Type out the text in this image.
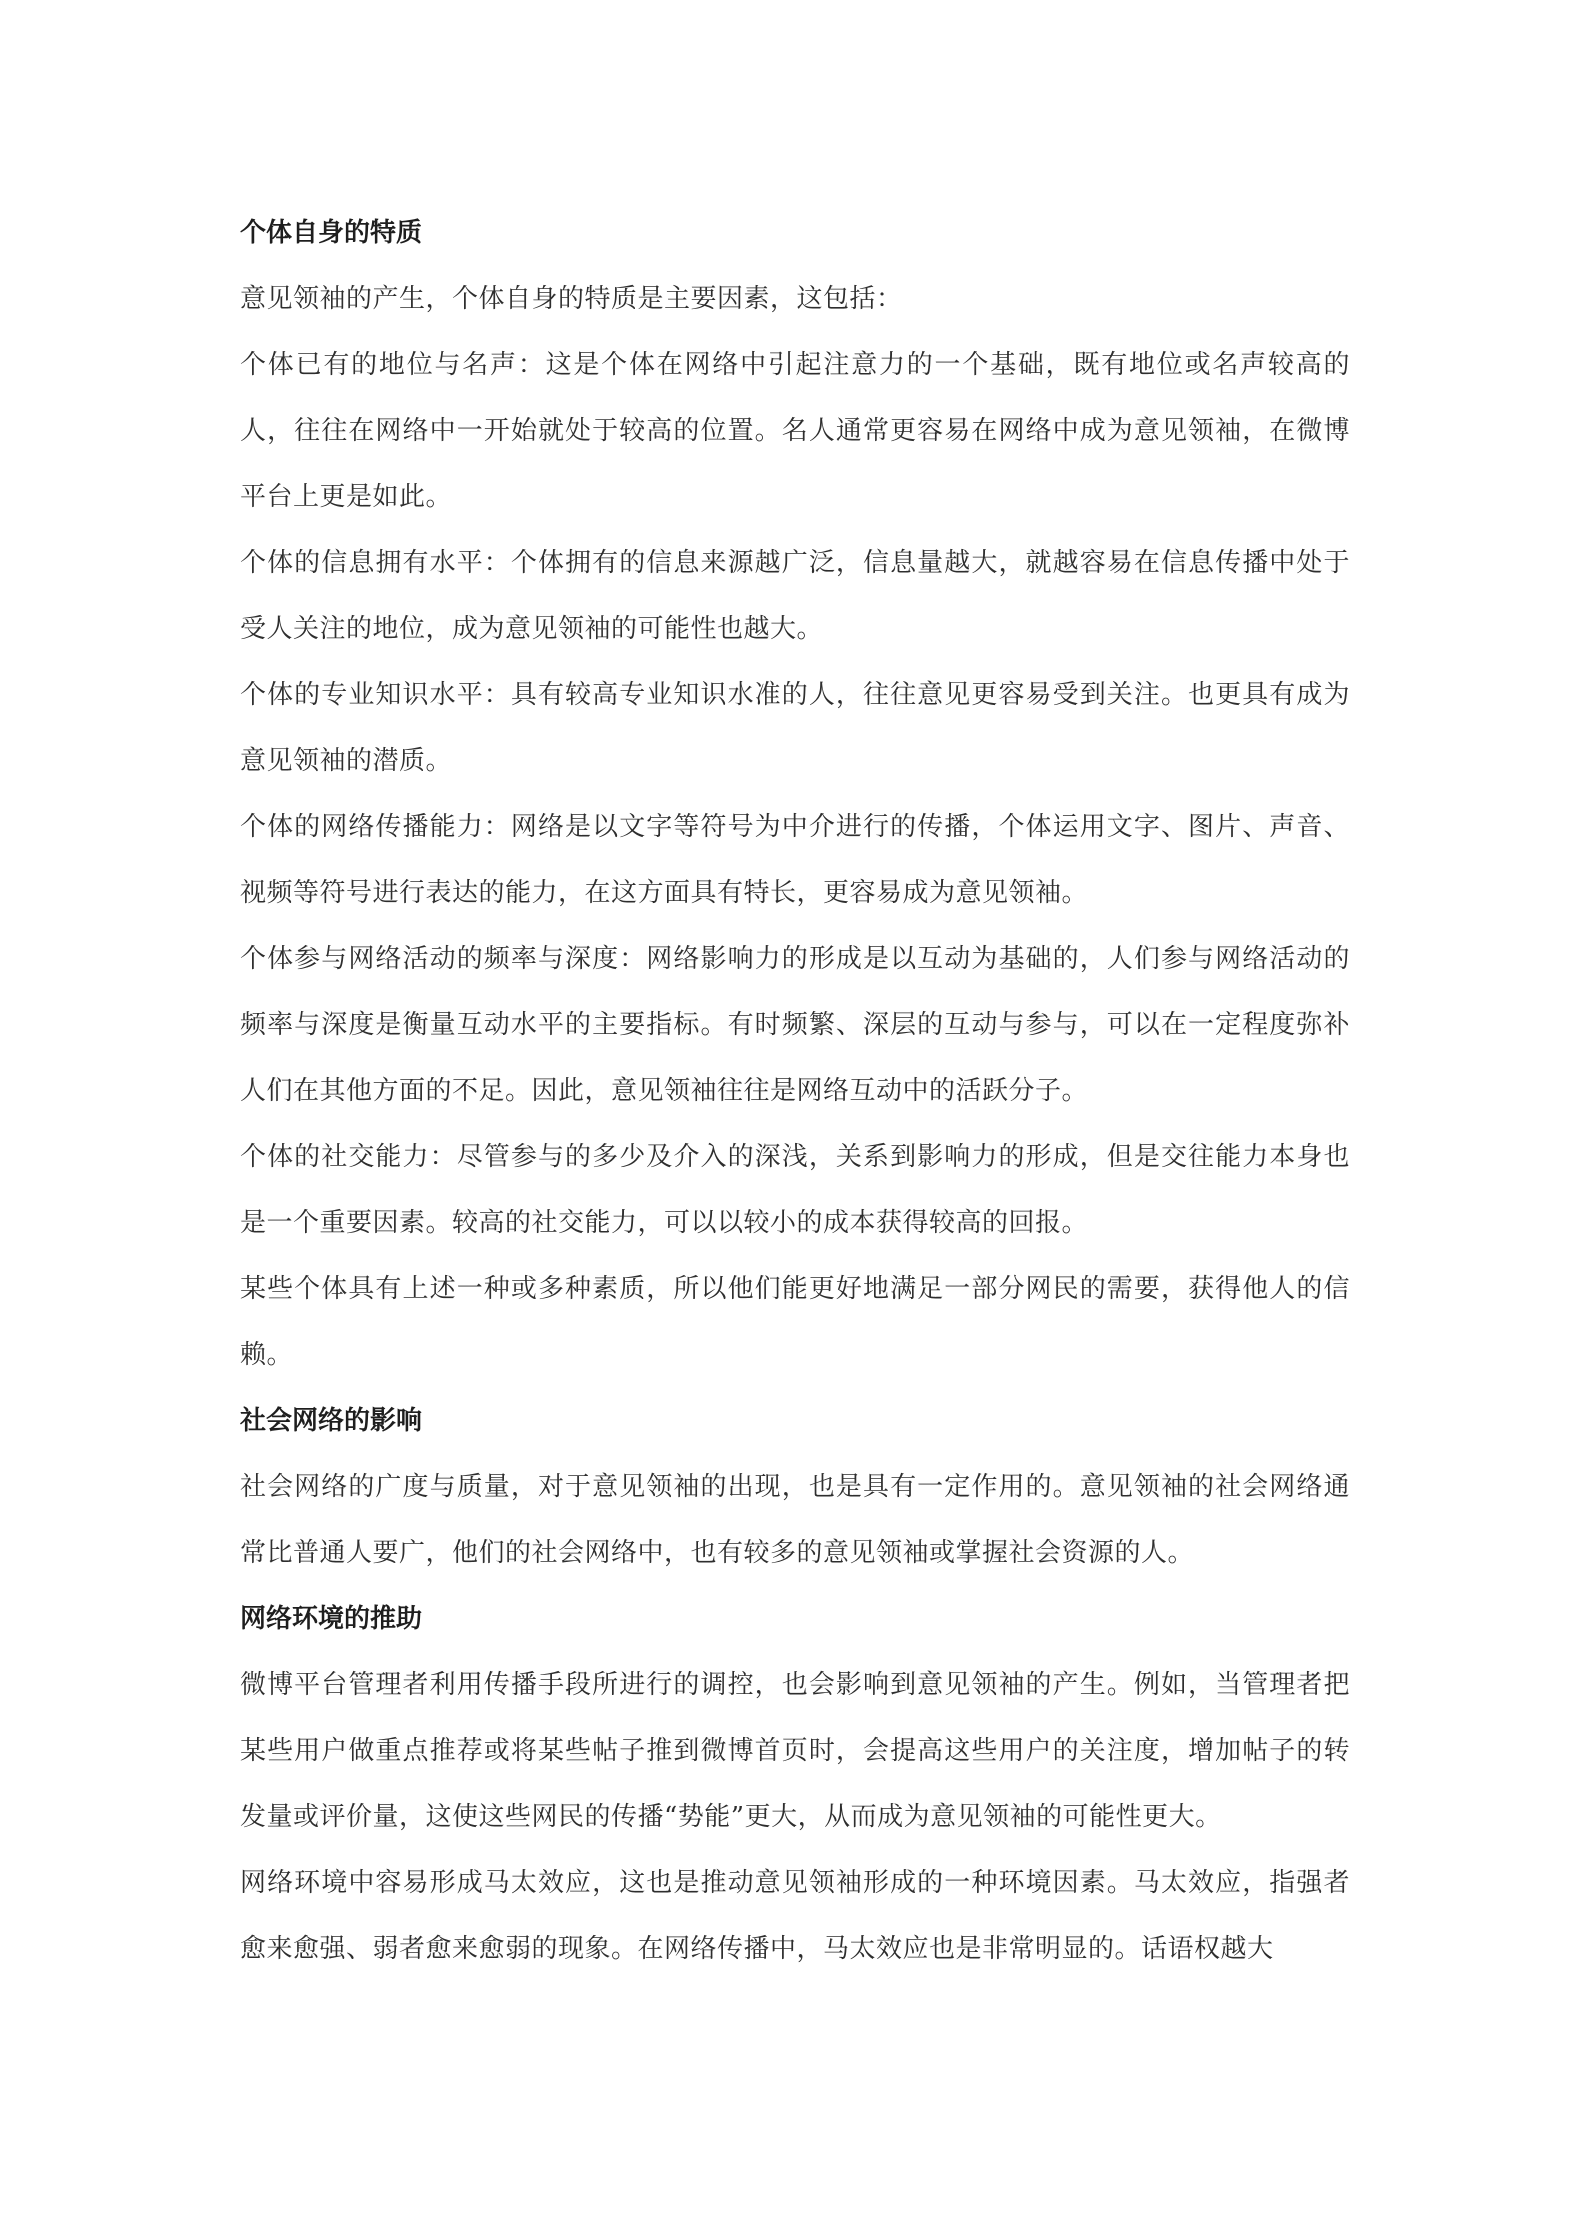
个体自身的特质

意见领袖的产生，个体自身的特质是主要因素，这包括：

个体已有的地位与名声：这是个体在网络中引起注意力的一个基础，既有地位或名声较高的人，往往在网络中一开始就处于较高的位置。名人通常更容易在网络中成为意见领袖，在微博平台上更是如此。

个体的信息拥有水平：个体拥有的信息来源越广泛，信息量越大，就越容易在信息传播中处于受人关注的地位，成为意见领袖的可能性也越大。

个体的专业知识水平：具有较高专业知识水准的人，往往意见更容易受到关注。也更具有成为意见领袖的潜质。

个体的网络传播能力：网络是以文字等符号为中介进行的传播，个体运用文字、图片、声音、视频等符号进行表达的能力，在这方面具有特长，更容易成为意见领袖。

个体参与网络活动的频率与深度：网络影响力的形成是以互动为基础的，人们参与网络活动的频率与深度是衡量互动水平的主要指标。有时频繁、深层的互动与参与，可以在一定程度弥补人们在其他方面的不足。因此，意见领袖往往是网络互动中的活跃分子。

个体的社交能力：尽管参与的多少及介入的深浅，关系到影响力的形成，但是交往能力本身也是一个重要因素。较高的社交能力，可以以较小的成本获得较高的回报。

某些个体具有上述一种或多种素质，所以他们能更好地满足一部分网民的需要，获得他人的信赖。

社会网络的影响

社会网络的广度与质量，对于意见领袖的出现，也是具有一定作用的。意见领袖的社会网络通常比普通人要广，他们的社会网络中，也有较多的意见领袖或掌握社会资源的人。

网络环境的推助

微博平台管理者利用传播手段所进行的调控，也会影响到意见领袖的产生。例如，当管理者把某些用户做重点推荐或将某些帖子推到微博首页时，会提高这些用户的关注度，增加帖子的转发量或评价量，这使这些网民的传播“势能”更大，从而成为意见领袖的可能性更大。

网络环境中容易形成马太效应，这也是推动意见领袖形成的一种环境因素。马太效应，指强者愈来愈强、弱者愈来愈弱的现象。在网络传播中，马太效应也是非常明显的。话语权越大
